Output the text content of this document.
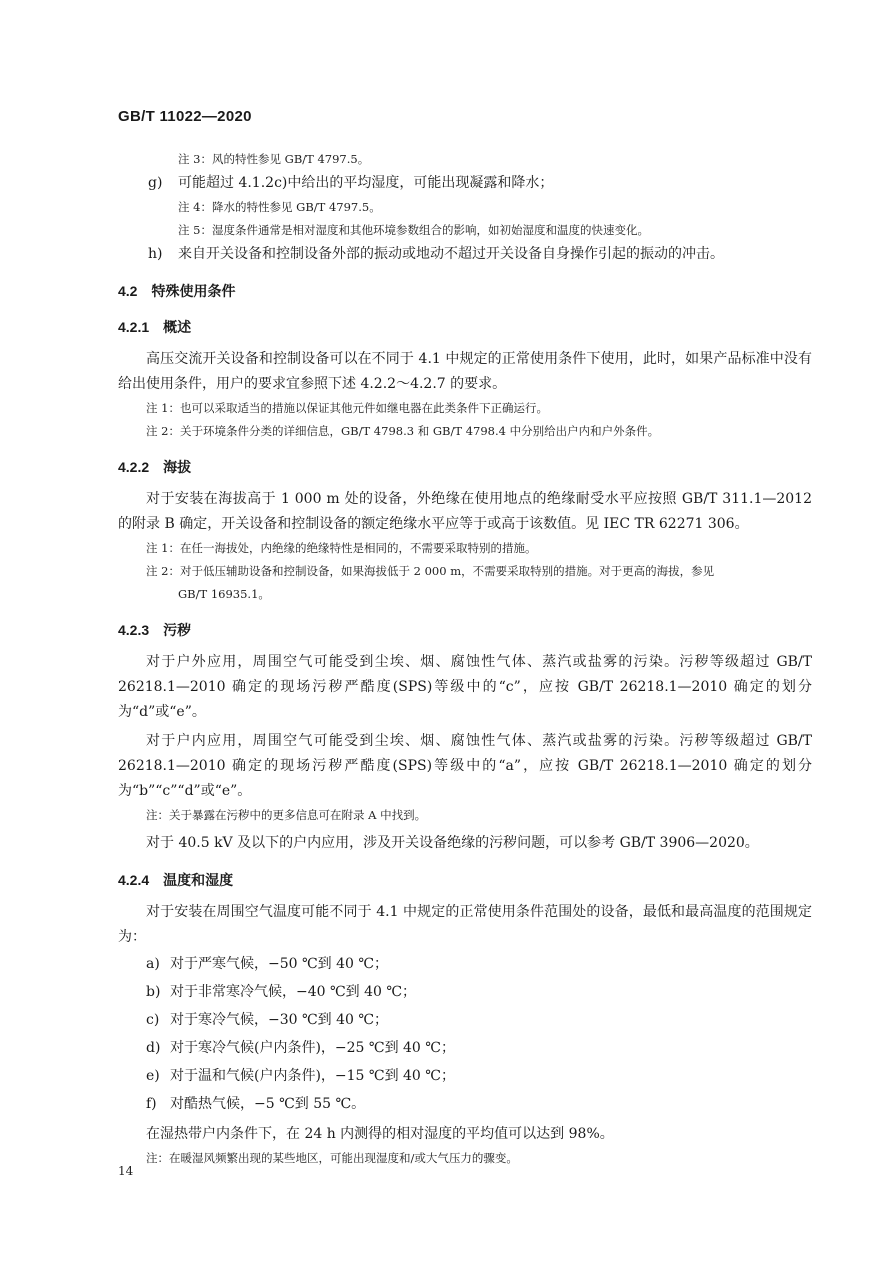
GB/T 11022—2020
注 3：风的特性参见 GB/T 4797.5。
g)	可能超过 4.1.2c)中给出的平均湿度，可能出现凝露和降水；
注 4：降水的特性参见 GB/T 4797.5。
注 5：湿度条件通常是相对湿度和其他环境参数组合的影响，如初始湿度和温度的快速变化。
h)	来自开关设备和控制设备外部的振动或地动不超过开关设备自身操作引起的振动的冲击。
4.2 特殊使用条件
4.2.1 概述

高压交流开关设备和控制设备可以在不同于 4.1 中规定的正常使用条件下使用，此时，如果产品标准中没有给出使用条件，用户的要求宜参照下述 4.2.2～4.2.7 的要求。

注 1：也可以采取适当的措施以保证其他元件如继电器在此类条件下正确运行。
注 2：关于环境条件分类的详细信息，GB/T 4798.3 和 GB/T 4798.4 中分别给出户内和户外条件。
4.2.2 海拔

对于安装在海拔高于 1 000 m 处的设备，外绝缘在使用地点的绝缘耐受水平应按照 GB/T 311.1—2012 的附录 B 确定，开关设备和控制设备的额定绝缘水平应等于或高于该数值。见 IEC TR 62271 306。

注 1：在任一海拔处，内绝缘的绝缘特性是相同的，不需要采取特别的措施。
注 2：对于低压辅助设备和控制设备，如果海拔低于 2 000 m，不需要采取特别的措施。对于更高的海拔，参见
GB/T 16935.1。
4.2.3 污秽

对于户外应用，周围空气可能受到尘埃、烟、腐蚀性气体、蒸汽或盐雾的污染。污秽等级超过 GB/T 26218.1—2010 确定的现场污秽严酷度(SPS)等级中的“c”，应按 GB/T 26218.1—2010 确定的划分为“d”或“e”。

对于户内应用，周围空气可能受到尘埃、烟、腐蚀性气体、蒸汽或盐雾的污染。污秽等级超过 GB/T 26218.1—2010 确定的现场污秽严酷度(SPS)等级中的“a”，应按 GB/T 26218.1—2010 确定的划分为“b”“c”“d”或“e”。

注：关于暴露在污秽中的更多信息可在附录 A 中找到。

对于 40.5 kV 及以下的户内应用，涉及开关设备绝缘的污秽问题，可以参考 GB/T 3906—2020。

4.2.4 温度和湿度

对于安装在周围空气温度可能不同于 4.1 中规定的正常使用条件范围处的设备，最低和最高温度的范围规定为：

a) 对于严寒气候，−50 ℃到 40 ℃；
b) 对于非常寒冷气候，−40 ℃到 40 ℃；
c) 对于寒冷气候，−30 ℃到 40 ℃；
d) 对于寒冷气候(户内条件)，−25 ℃到 40 ℃；
e) 对于温和气候(户内条件)，−15 ℃到 40 ℃；
f) 对酷热气候，−5 ℃到 55 ℃。

在湿热带户内条件下，在 24 h 内测得的相对湿度的平均值可以达到 98%。

注：在暖湿风频繁出现的某些地区，可能出现湿度和/或大气压力的骤变。
14
